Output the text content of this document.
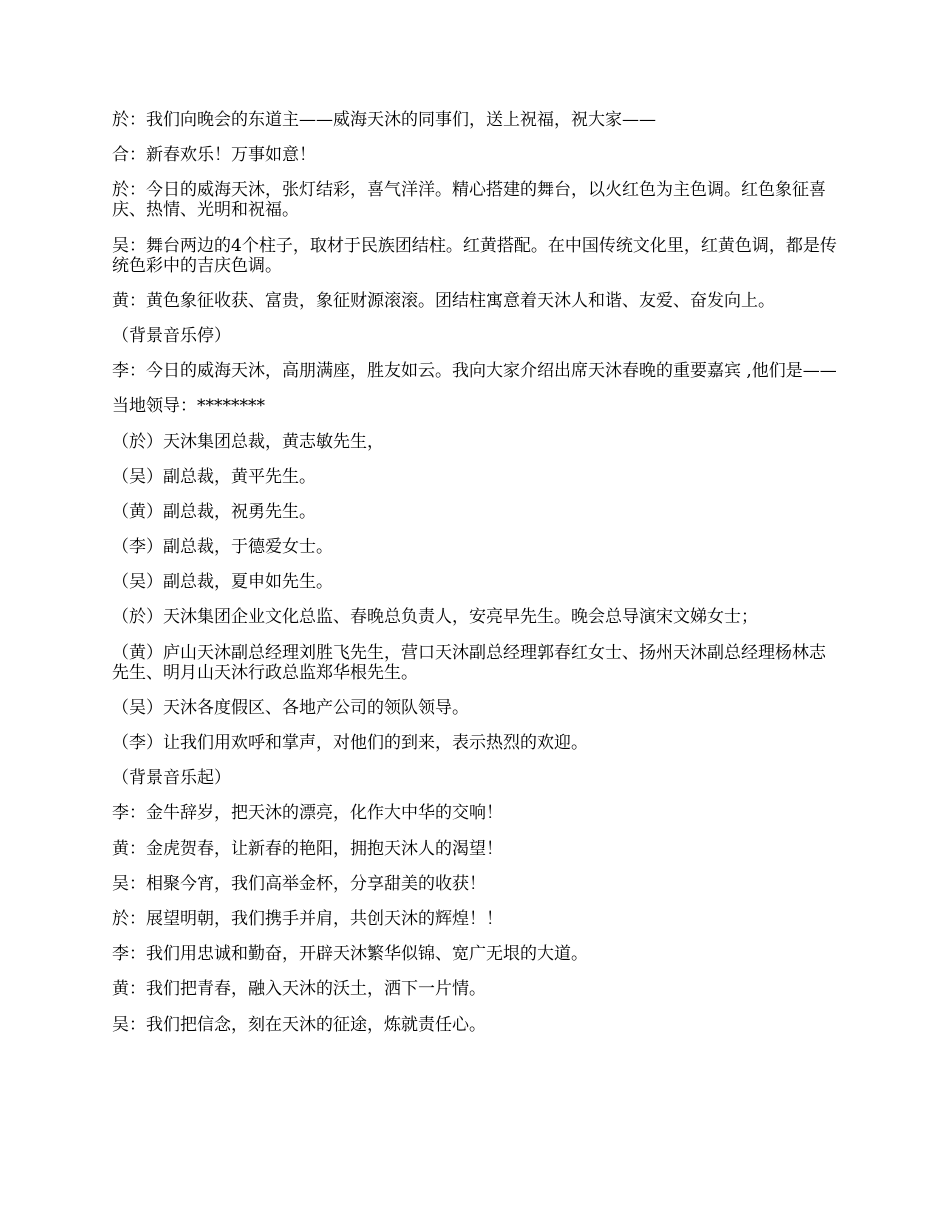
於：我们向晚会的东道主——威海天沐的同事们，送上祝福，祝大家——

合：新春欢乐！万事如意！

於：今日的威海天沐，张灯结彩，喜气洋洋。精心搭建的舞台，以火红色为主色调。红色象征喜庆、热情、光明和祝福。

吴：舞台两边的4个柱子，取材于民族团结柱。红黄搭配。在中国传统文化里，红黄色调，都是传统色彩中的吉庆色调。

黄：黄色象征收获、富贵，象征财源滚滚。团结柱寓意着天沐人和谐、友爱、奋发向上。

（背景音乐停）

李：今日的威海天沐，高朋满座，胜友如云。我向大家介绍出席天沐春晚的重要嘉宾 ,他们是——

当地领导：********

（於）天沐集团总裁，黄志敏先生，

（吴）副总裁，黄平先生。

（黄）副总裁，祝勇先生。

（李）副总裁，于德爱女士。

（吴）副总裁，夏申如先生。

（於）天沐集团企业文化总监、春晚总负责人，安亮早先生。晚会总导演宋文娣女士；

（黄）庐山天沐副总经理刘胜飞先生，营口天沐副总经理郭春红女士、扬州天沐副总经理杨林志先生、明月山天沐行政总监郑华根先生。

（吴）天沐各度假区、各地产公司的领队领导。

（李）让我们用欢呼和掌声，对他们的到来，表示热烈的欢迎。

（背景音乐起）

李：金牛辞岁，把天沐的漂亮，化作大中华的交响！

黄：金虎贺春，让新春的艳阳，拥抱天沐人的渴望！

吴：相聚今宵，我们高举金杯，分享甜美的收获！

於：展望明朝，我们携手并肩，共创天沐的辉煌！！

李：我们用忠诚和勤奋，开辟天沐繁华似锦、宽广无垠的大道。

黄：我们把青春，融入天沐的沃土，洒下一片情。

吴：我们把信念，刻在天沐的征途，炼就责任心。
